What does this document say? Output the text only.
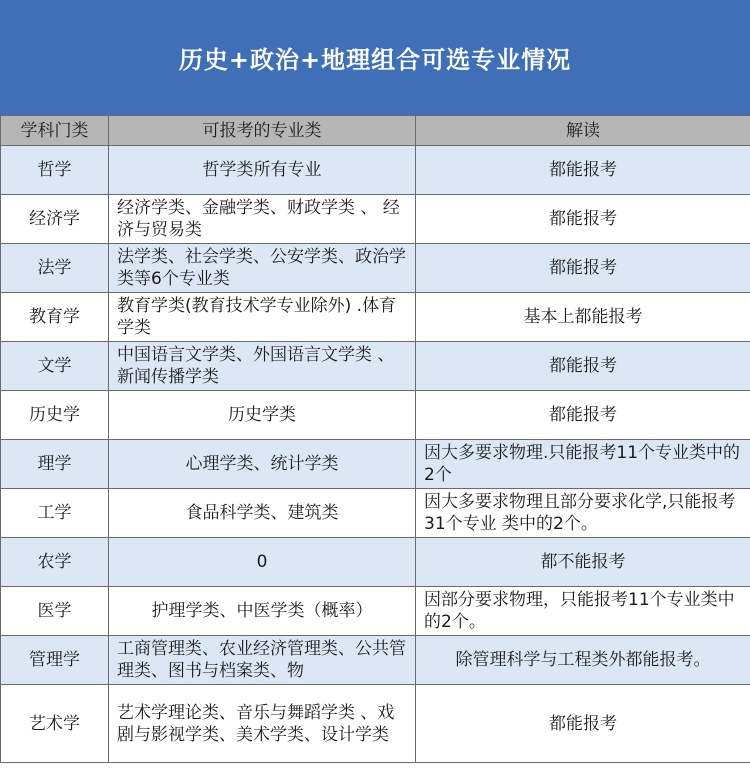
历史+政治+地理组合可选专业情况
学科门类	可报考的专业类	解读
哲学	哲学类所有专业	都能报考
经济学	经济学类、金融学类、财政学类 、 经济与贸易类	都能报考
法学	法学类、社会学类、公安学类、政治学类等6个专业类	都能报考
教育学	教育学类(教育技术学专业除外) .体育学类	基本上都能报考
文学	中国语言文学类、外国语言文学类 、新闻传播学类	都能报考
历史学	历史学类	都能报考
理学	心理学类、统计学类	因大多要求物理.只能报考11个专业类中的2个
工学	食品科学类、建筑类	因大多要求物理且部分要求化学,只能报考31个专业 类中的2个。
农学	0	都不能报考
医学	护理学类、中医学类（概率）	因部分要求物理，只能报考11个专业类中的2个。
管理学	工商管理类、农业经济管理类、公共管理类、图书与档案类、物	除管理科学与工程类外都能报考。
艺术学	艺术学理论类、音乐与舞蹈学类 、戏剧与影视学类、美术学类、设计学类	都能报考
